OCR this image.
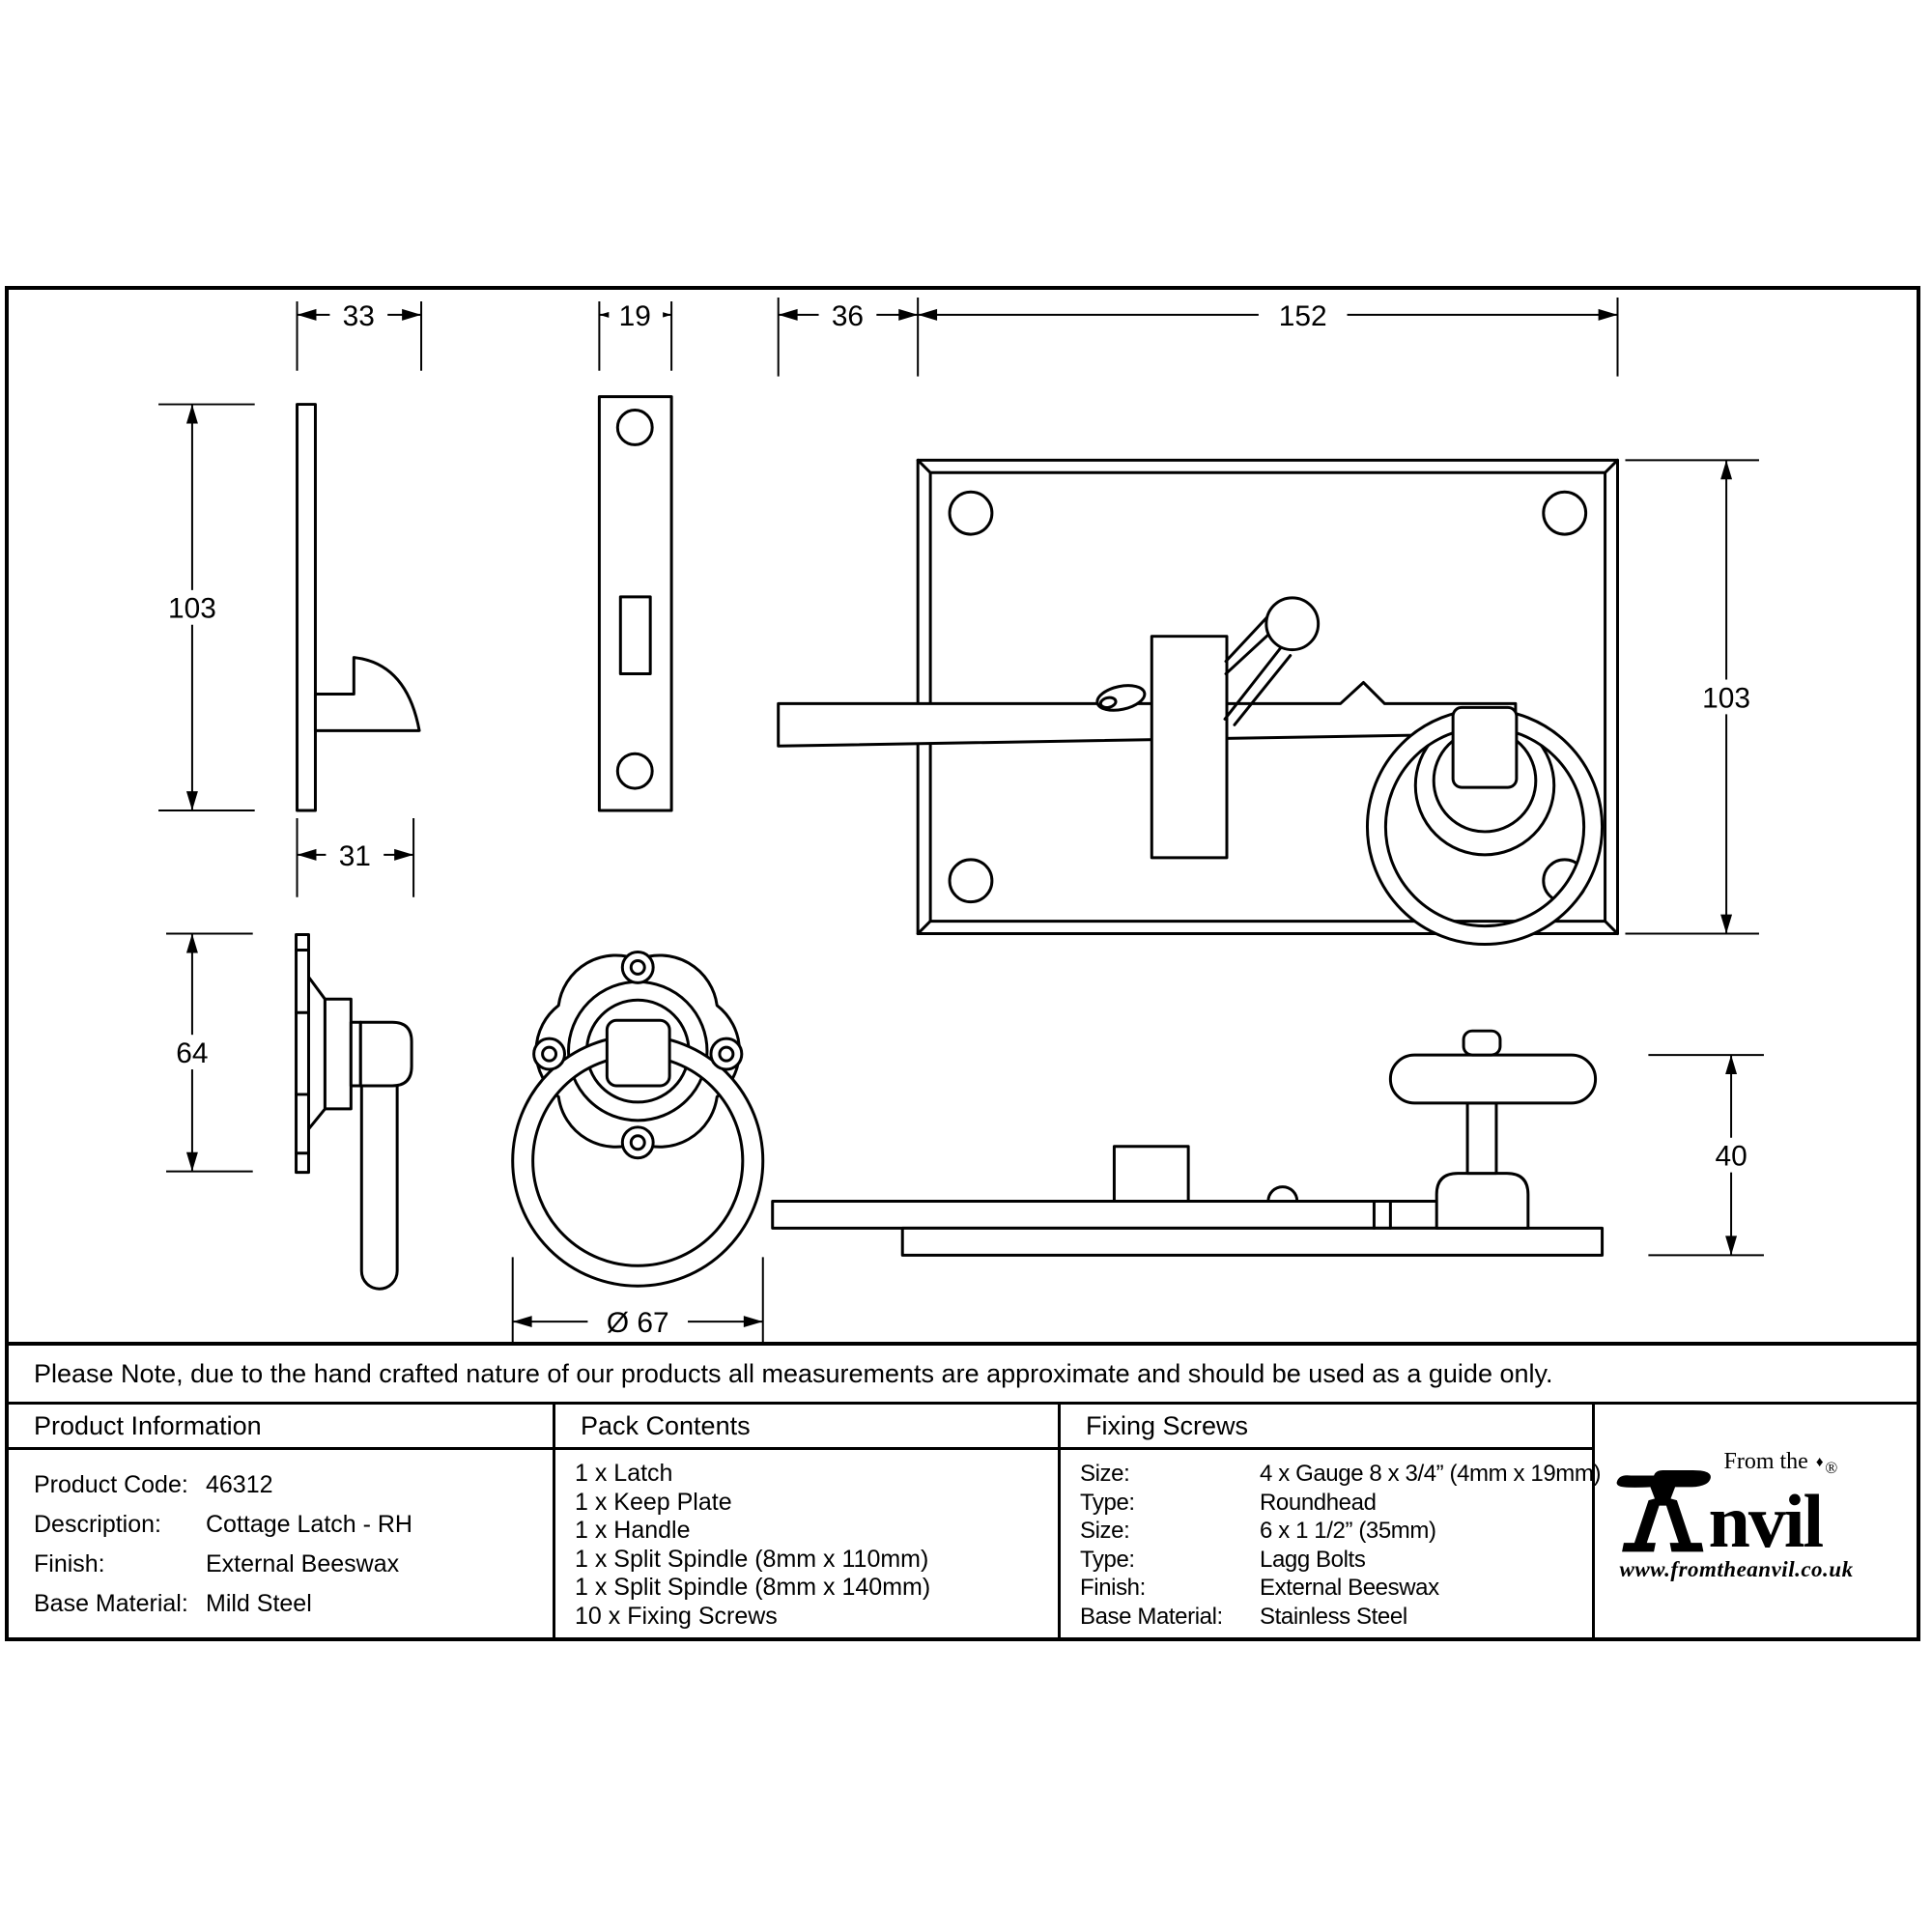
33
103
19	36	152
103
31
64
Ø 67
40
Please Note, due to the hand crafted nature of our products all measurements are approximate and should be used as a guide only.
Product Information	Pack Contents	Fixing Screws
From the ♦
nvil
®
www.fromtheanvil.co.uk
Product Code: 46312
Description: Cottage Latch - RH
Finish:	External Beeswax
Base Material: Mild Steel
1 x Latch
1 x Keep Plate
1 x Handle
1 x Split Spindle (8mm x 110mm)
1 x Split Spindle (8mm x 140mm)
10 x Fixing Screws
Size:	4 x Gauge 8 x 3/4” (4mm x 19mm)
Type:	Roundhead
Size:	6 x 1 1/2” (35mm)
Type:	Lagg Bolts
Finish:	External Beeswax
Base Material: Stainless Steel
